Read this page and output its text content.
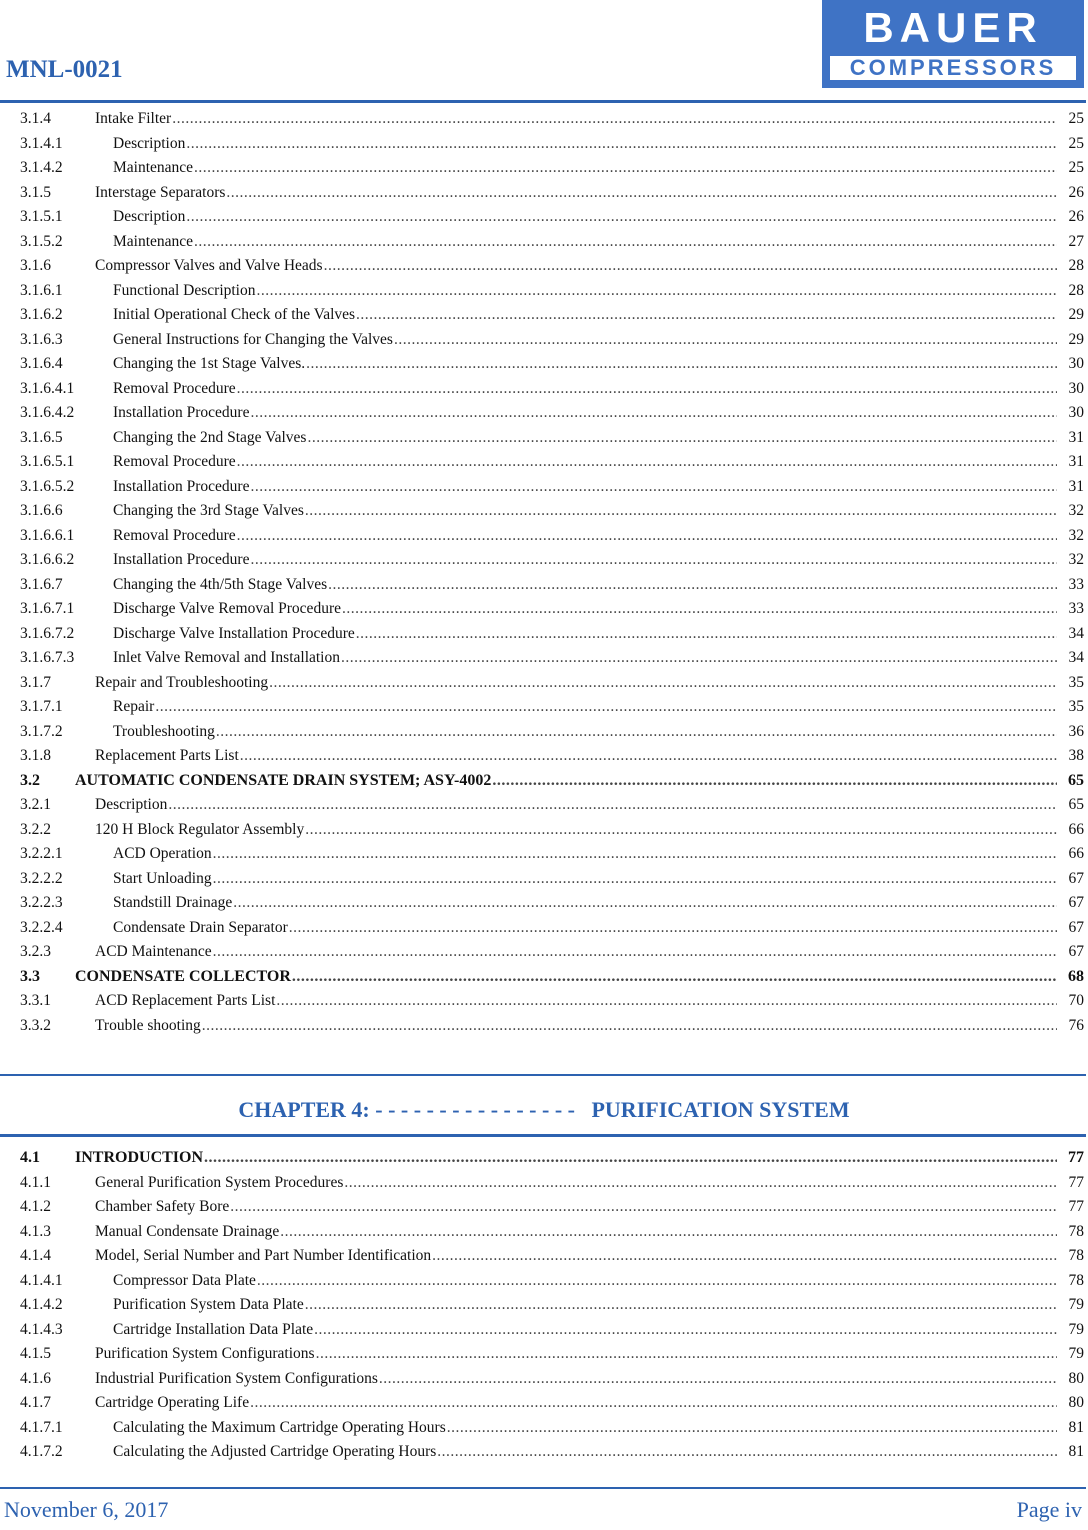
MNL-0021
BAUER
COMPRESSORS
3.1.4	Intake Filter .....	25
3.1.4.1	Description .....	25
3.1.4.2	Maintenance .....	25
3.1.5	Interstage Separators .....	26
3.1.5.1	Description .....	26
3.1.5.2	Maintenance .....	27
3.1.6	Compressor Valves and Valve Heads .....	28
3.1.6.1	Functional Description .....	28
3.1.6.2	Initial Operational Check of the Valves .....	29
3.1.6.3	General Instructions for Changing the Valves .....	29
3.1.6.4	Changing the 1st Stage Valves. .....	30
3.1.6.4.1	Removal Procedure .....	30
3.1.6.4.2	Installation Procedure .....	30
3.1.6.5	Changing the 2nd Stage Valves .....	31
3.1.6.5.1	Removal Procedure .....	31
3.1.6.5.2	Installation Procedure .....	31
3.1.6.6	Changing the 3rd Stage Valves .....	32
3.1.6.6.1	Removal Procedure .....	32
3.1.6.6.2	Installation Procedure .....	32
3.1.6.7	Changing the 4th/5th Stage Valves .....	33
3.1.6.7.1	Discharge Valve Removal Procedure .....	33
3.1.6.7.2	Discharge Valve Installation Procedure .....	34
3.1.6.7.3	Inlet Valve Removal and Installation .....	34
3.1.7	Repair and Troubleshooting .....	35
3.1.7.1	Repair .....	35
3.1.7.2	Troubleshooting .....	36
3.1.8	Replacement Parts List .....	38
3.2 AUTOMATIC CONDENSATE DRAIN SYSTEM; ASY-4002 .....	65
3.2.1	Description .....	65
3.2.2	120 H Block Regulator Assembly .....	66
3.2.2.1	ACD Operation .....	66
3.2.2.2	Start Unloading .....	67
3.2.2.3	Standstill Drainage .....	67
3.2.2.4	Condensate Drain Separator .....	67
3.2.3	ACD Maintenance .....	67
3.3 CONDENSATE COLLECTOR .....	68
3.3.1	ACD Replacement Parts List .....	70
3.3.2	Trouble shooting .....	76
CHAPTER 4: - - - - - - - - - - - - - - - - PURIFICATION SYSTEM
4.1 INTRODUCTION .....	77
4.1.1	General Purification System Procedures .....	77
4.1.2	Chamber Safety Bore .....	77
4.1.3	Manual Condensate Drainage .....	78
4.1.4	Model, Serial Number and Part Number Identification .....	78
4.1.4.1	Compressor Data Plate .....	78
4.1.4.2	Purification System Data Plate .....	79
4.1.4.3	Cartridge Installation Data Plate .....	79
4.1.5	Purification System Configurations .....	79
4.1.6	Industrial Purification System Configurations .....	80
4.1.7	Cartridge Operating Life .....	80
4.1.7.1	Calculating the Maximum Cartridge Operating Hours .....	81
4.1.7.2	Calculating the Adjusted Cartridge Operating Hours .....	81
November 6, 2017	Page iv
